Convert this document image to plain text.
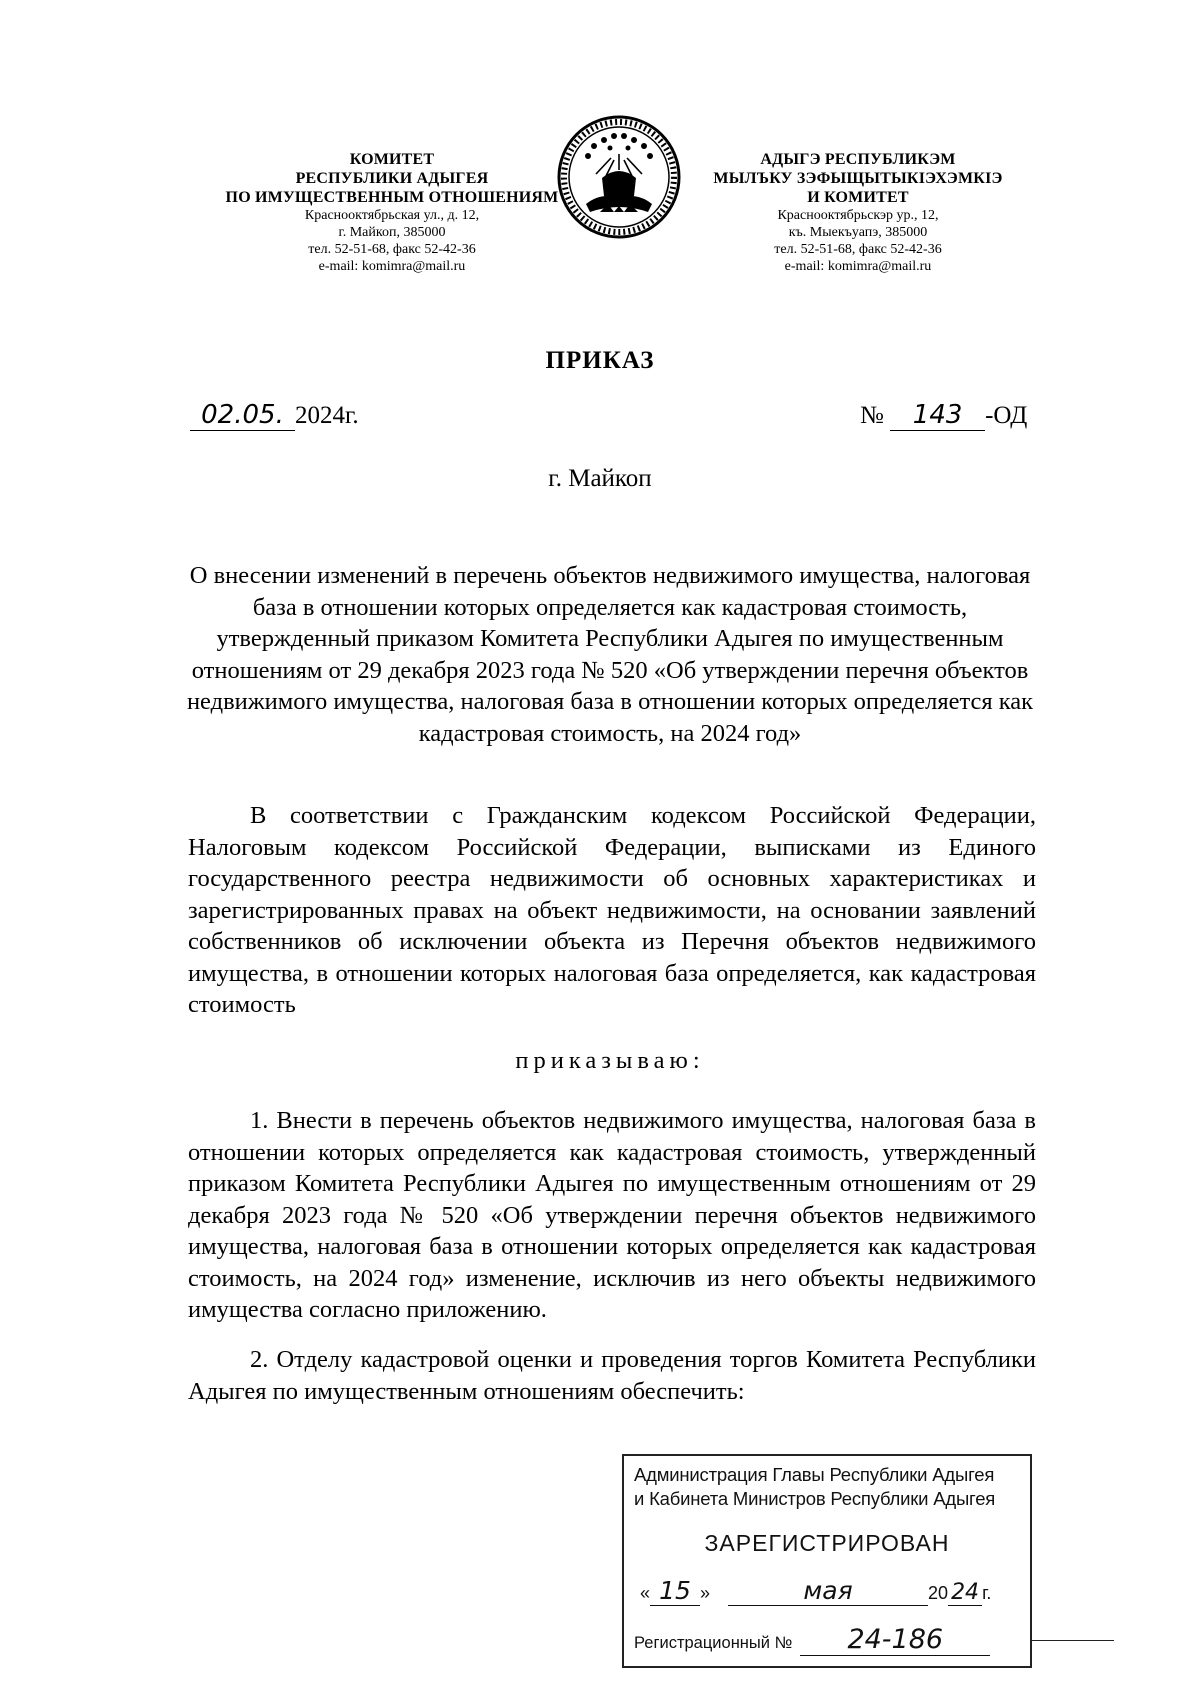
КОМИТЕТ
РЕСПУБЛИКИ АДЫГЕЯ
ПО ИМУЩЕСТВЕННЫМ ОТНОШЕНИЯМ
Краснооктябрьская ул., д. 12,
г. Майкоп, 385000
тел. 52-51-68, факс 52-42-36
e-mail: komimra@mail.ru
АДЫГЭ РЕСПУБЛИКЭМ
МЫЛЪКУ ЗЭФЫЩЫТЫКIЭХЭМКIЭ
И КОМИТЕТ
Краснооктябрьскэр ур., 12,
къ. Мыекъуапэ, 385000
тел. 52-51-68, факс 52-42-36
e-mail: komimra@mail.ru
ПРИКАЗ
02.05. 2024г.	№ 143 -ОД
г. Майкоп
О внесении изменений в перечень объектов недвижимого имущества, налоговая база в отношении которых определяется как кадастровая стоимость, утвержденный приказом Комитета Республики Адыгея по имущественным отношениям от 29 декабря 2023 года № 520 «Об утверждении перечня объектов недвижимого имущества, налоговая база в отношении которых определяется как кадастровая стоимость, на 2024 год»
В соответствии с Гражданским кодексом Российской Федерации, Налоговым кодексом Российской Федерации, выписками из Единого государственного реестра недвижимости об основных характеристиках и зарегистрированных правах на объект недвижимости, на основании заявлений собственников об исключении объекта из Перечня объектов недвижимого имущества, в отношении которых налоговая база определяется, как кадастровая стоимость
приказываю:
1. Внести в перечень объектов недвижимого имущества, налоговая база в отношении которых определяется как кадастровая стоимость, утвержденный приказом Комитета Республики Адыгея по имущественным отношениям от 29 декабря 2023 года № 520 «Об утверждении перечня объектов недвижимого имущества, налоговая база в отношении которых определяется как кадастровая стоимость, на 2024 год» изменение, исключив из него объекты недвижимого имущества согласно приложению.
2. Отделу кадастровой оценки и проведения торгов Комитета Республики Адыгея по имущественным отношениям обеспечить:
Администрация Главы Республики Адыгея
и Кабинета Министров Республики Адыгея
ЗАРЕГИСТРИРОВАН
« 15 »	мая	20 24 г.
Регистрационный № 24-186
